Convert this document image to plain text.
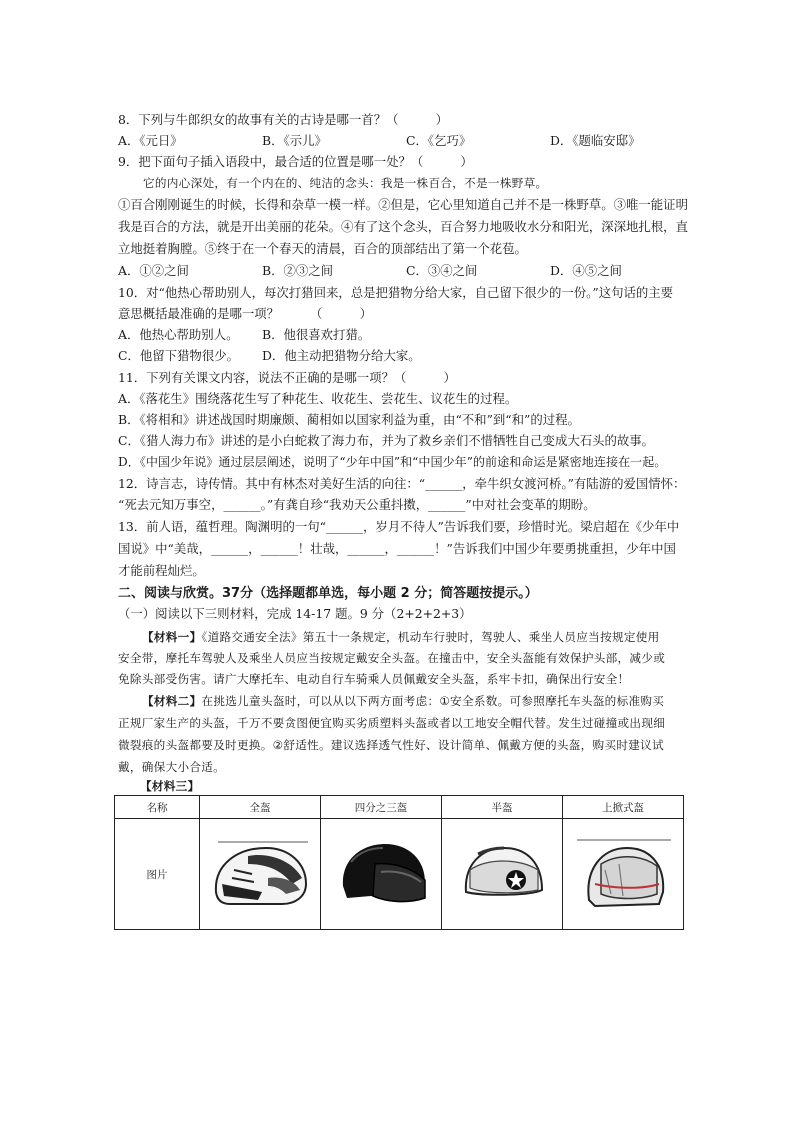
8．下列与牛郎织女的故事有关的古诗是哪一首？（　　　）
A．《元日》	B．《示儿》	C．《乞巧》	D．《题临安邸》
9．把下面句子插入语段中，最合适的位置是哪一处？（　　　）
它的内心深处，有一个内在的、纯洁的念头：我是一株百合，不是一株野草。
①百合刚刚诞生的时候，长得和杂草一模一样。②但是，它心里知道自己并不是一株野草。③唯一能证明
我是百合的方法，就是开出美丽的花朵。④有了这个念头，百合努力地吸收水分和阳光，深深地扎根，直
立地挺着胸膛。⑤终于在一个春天的清晨，百合的顶部结出了第一个花苞。
A．①②之间	B．②③之间	C．③④之间	D．④⑤之间
10．对“他热心帮助别人，每次打猎回来，总是把猎物分给大家，自己留下很少的一份。”这句话的主要
意思概括最准确的是哪一项？　　　（　　　）
A．他热心帮助别人。 B．他很喜欢打猎。
C．他留下猎物很少。 D．他主动把猎物分给大家。
11．下列有关课文内容，说法不正确的是哪一项？（　　　）
A．《落花生》围绕落花生写了种花生、收花生、尝花生、议花生的过程。
B．《将相和》讲述战国时期廉颇、蔺相如以国家利益为重，由“不和”到“和”的过程。
C．《猎人海力布》讲述的是小白蛇救了海力布，并为了救乡亲们不惜牺牲自己变成大石头的故事。
D．《中国少年说》通过层层阐述，说明了“少年中国”和“中国少年”的前途和命运是紧密地连接在一起。
12．诗言志，诗传情。其中有林杰对美好生活的向往：“______，牵牛织女渡河桥。”有陆游的爱国情怀：
“死去元知万事空，______。”有龚自珍“我劝天公重抖擞，______”中对社会变革的期盼。
13．前人语，蕴哲理。陶渊明的一句“______，岁月不待人”告诉我们要，珍惜时光。梁启超在《少年中
国说》中“美哉，______，______！壮哉，______，______！”告诉我们中国少年要勇挑重担，少年中国
才能前程灿烂。
二、阅读与欣赏。37分（选择题都单选，每小题 2 分；简答题按提示。）
（一）阅读以下三则材料，完成 14-17 题。9 分（2+2+2+3）
【材料一】《道路交通安全法》第五十一条规定，机动车行驶时，驾驶人、乘坐人员应当按规定使用
安全带，摩托车驾驶人及乘坐人员应当按规定戴安全头盔。在撞击中，安全头盔能有效保护头部，减少或
免除头部受伤害。请广大摩托车、电动自行车骑乘人员佩戴安全头盔，系牢卡扣，确保出行安全！
【材料二】在挑选儿童头盔时，可以从以下两方面考虑：①安全系数。可参照摩托车头盔的标准购买
正规厂家生产的头盔，千万不要贪图便宜购买劣质塑料头盔或者以工地安全帽代替。发生过碰撞或出现细
微裂痕的头盔都要及时更换。②舒适性。建议选择透气性好、设计简单、佩戴方便的头盔，购买时建议试
戴，确保大小合适。
【材料三】
名称	全盔	四分之三盔	半盔	上掀式盔
图片	
